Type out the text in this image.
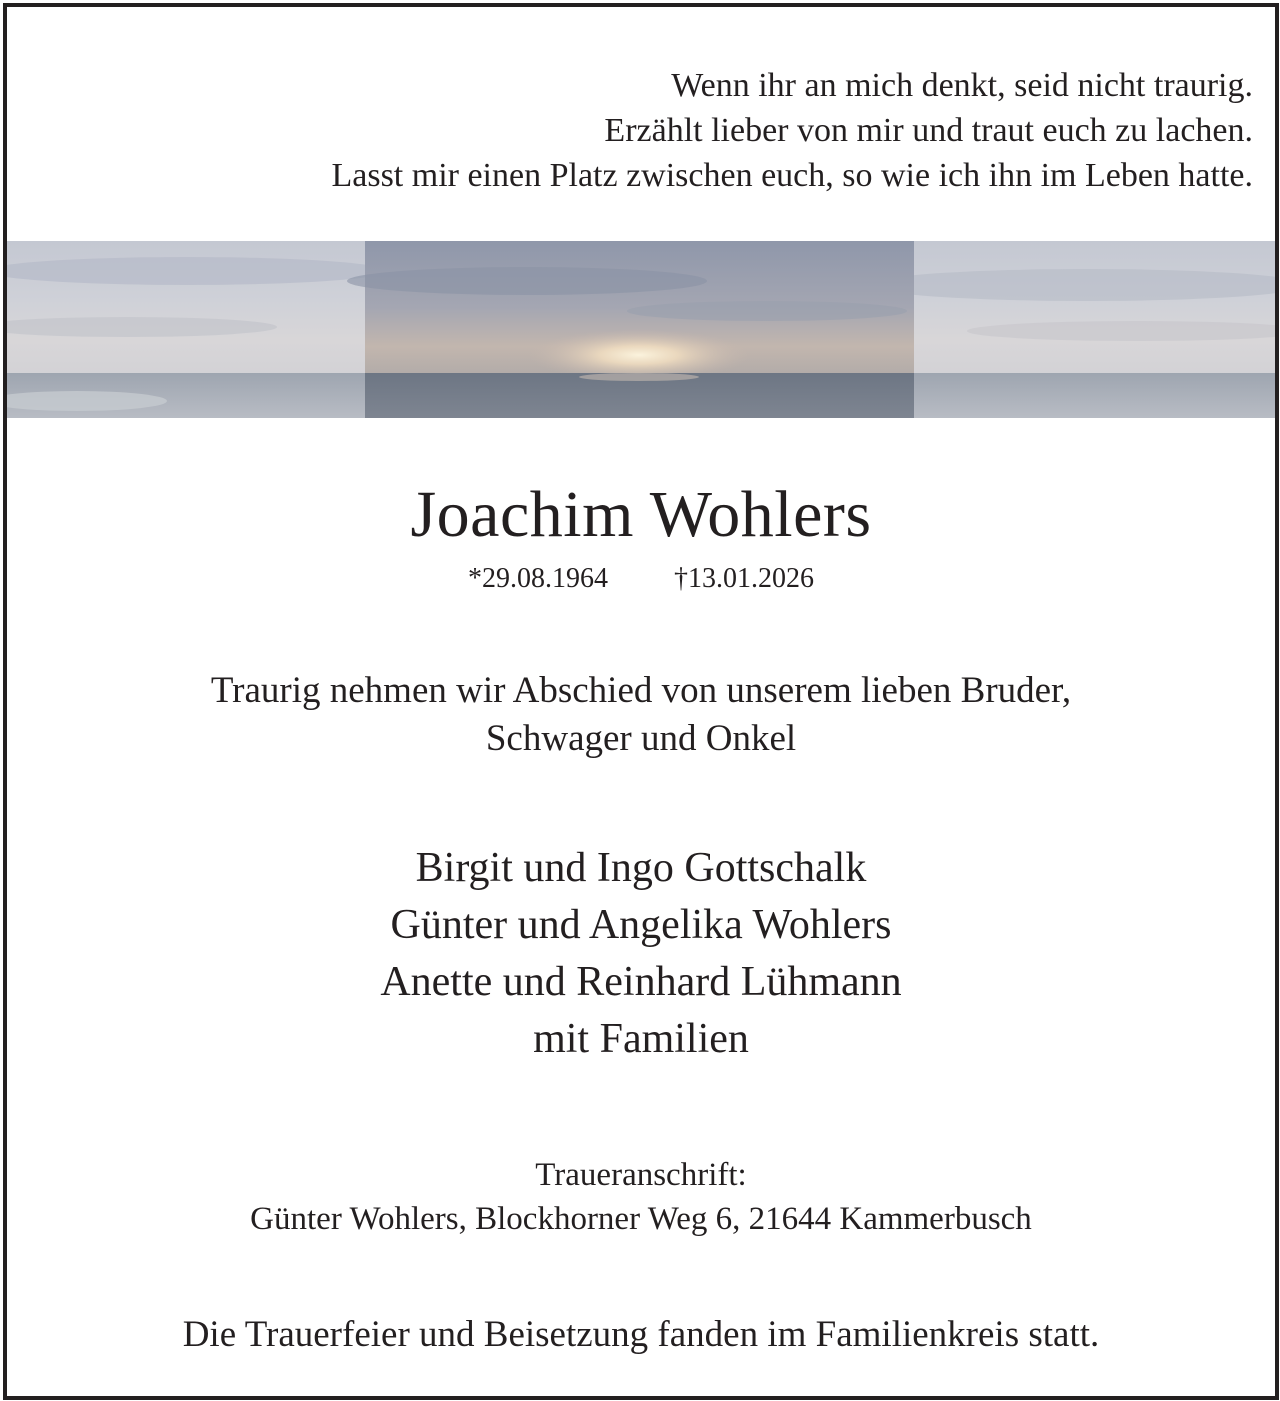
Wenn ihr an mich denkt, seid nicht traurig.
Erzählt lieber von mir und traut euch zu lachen.
Lasst mir einen Platz zwischen euch, so wie ich ihn im Leben hatte.
Joachim Wohlers
*29.08.1964 †13.01.2026
Traurig nehmen wir Abschied von unserem lieben Bruder,
Schwager und Onkel
Birgit und Ingo Gottschalk
Günter und Angelika Wohlers
Anette und Reinhard Lühmann
mit Familien
Traueranschrift:
Günter Wohlers, Blockhorner Weg 6, 21644 Kammerbusch
Die Trauerfeier und Beisetzung fanden im Familienkreis statt.
